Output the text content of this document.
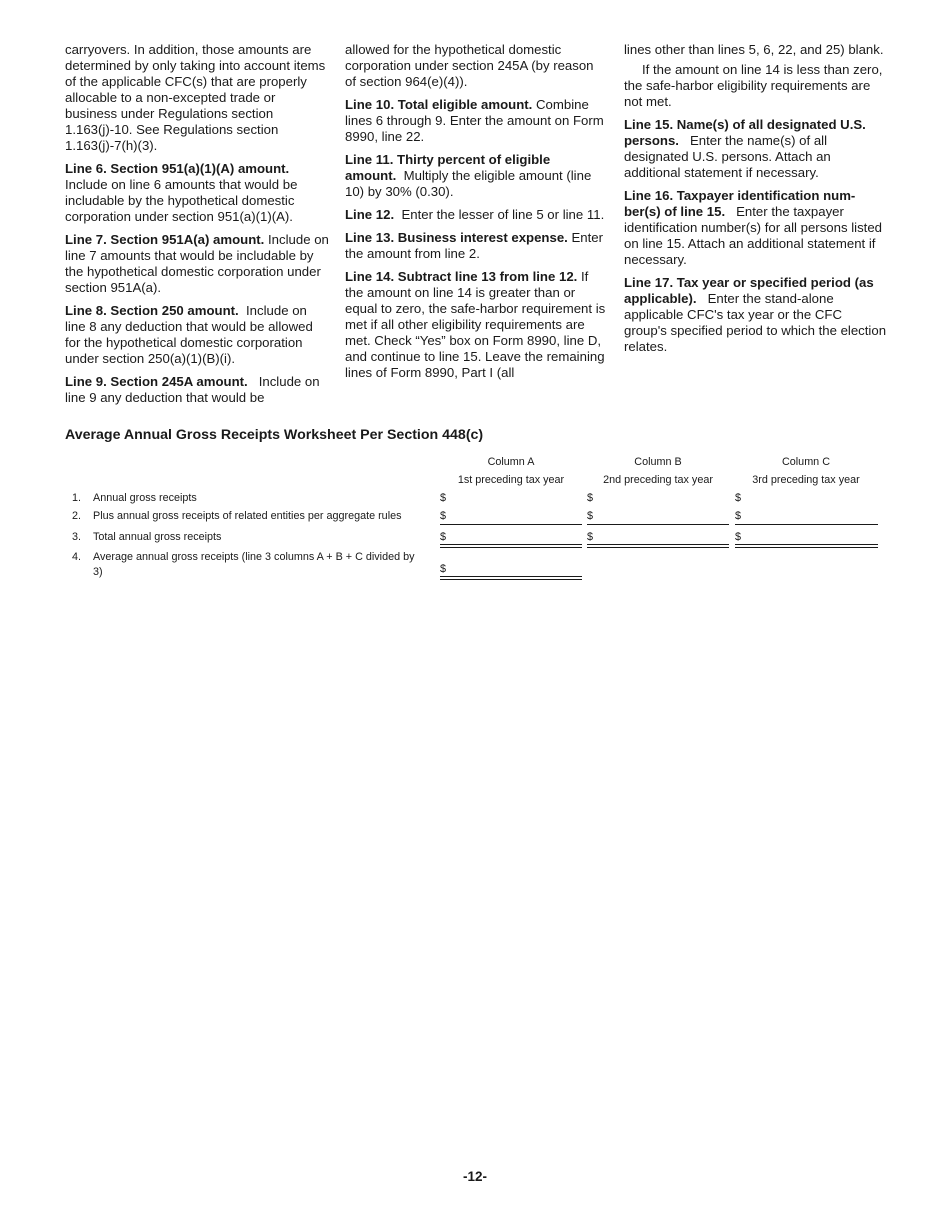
carryovers. In addition, those amounts are determined by only taking into account items of the applicable CFC(s) that are properly allocable to a non-excepted trade or business under Regulations section 1.163(j)-10. See Regulations section 1.163(j)-7(h)(3).

Line 6. Section 951(a)(1)(A) amount. Include on line 6 amounts that would be includable by the hypothetical domestic corporation under section 951(a)(1)(A).

Line 7. Section 951A(a) amount. Include on line 7 amounts that would be includable by the hypothetical domestic corporation under section 951A(a).

Line 8. Section 250 amount. Include on line 8 any deduction that would be allowed for the hypothetical domestic corporation under section 250(a)(1)(B)(i).

Line 9. Section 245A amount. Include on line 9 any deduction that would be

allowed for the hypothetical domestic corporation under section 245A (by reason of section 964(e)(4)).

Line 10. Total eligible amount. Combine lines 6 through 9. Enter the amount on Form 8990, line 22.

Line 11. Thirty percent of eligible amount. Multiply the eligible amount (line 10) by 30% (0.30).

Line 12. Enter the lesser of line 5 or line 11.

Line 13. Business interest expense. Enter the amount from line 2.

Line 14. Subtract line 13 from line 12. If the amount on line 14 is greater than or equal to zero, the safe-harbor requirement is met if all other eligibility requirements are met. Check “Yes” box on Form 8990, line D, and continue to line 15. Leave the remaining lines of Form 8990, Part I (all

lines other than lines 5, 6, 22, and 25) blank.

If the amount on line 14 is less than zero, the safe-harbor eligibility requirements are not met.

Line 15. Name(s) of all designated U.S. persons. Enter the name(s) of all designated U.S. persons. Attach an additional statement if necessary.

Line 16. Taxpayer identification num-ber(s) of line 15. Enter the taxpayer identification number(s) for all persons listed on line 15. Attach an additional statement if necessary.

Line 17. Tax year or specified period (as applicable). Enter the stand-alone applicable CFC's tax year or the CFC group's specified period to which the election relates.

Average Annual Gross Receipts Worksheet Per Section 448(c)
Column A	Column B	Column C
1st preceding tax year	2nd preceding tax year	3rd preceding tax year
1. Annual gross receipts	$	$	$
2. Plus annual gross receipts of related entities per aggregate rules	$	$	$
3. Total annual gross receipts	$	$	$
4. Average annual gross receipts (line 3 columns A + B + C divided by
3)	$
-12-
